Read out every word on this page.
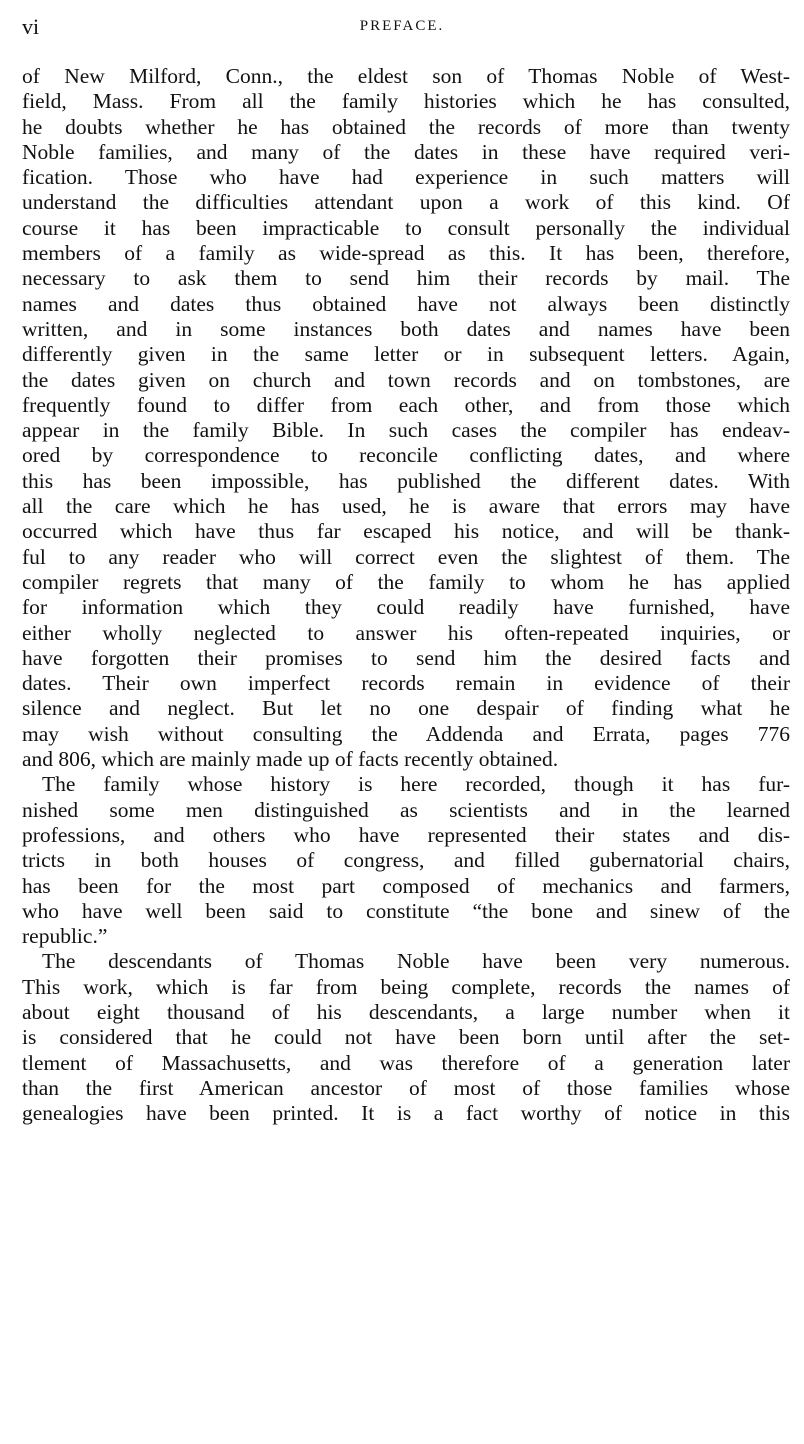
vi	PREFACE.
of New Milford, Conn., the eldest son of Thomas Noble of West-
field, Mass. From all the family histories which he has consulted,
he doubts whether he has obtained the records of more than twenty
Noble families, and many of the dates in these have required veri-
fication. Those who have had experience in such matters will
understand the difficulties attendant upon a work of this kind. Of
course it has been impracticable to consult personally the individual
members of a family as wide-spread as this. It has been, therefore,
necessary to ask them to send him their records by mail. The
names and dates thus obtained have not always been distinctly
written, and in some instances both dates and names have been
differently given in the same letter or in subsequent letters. Again,
the dates given on church and town records and on tombstones, are
frequently found to differ from each other, and from those which
appear in the family Bible. In such cases the compiler has endeav-
ored by correspondence to reconcile conflicting dates, and where
this has been impossible, has published the different dates. With
all the care which he has used, he is aware that errors may have
occurred which have thus far escaped his notice, and will be thank-
ful to any reader who will correct even the slightest of them. The
compiler regrets that many of the family to whom he has applied
for information which they could readily have furnished, have
either wholly neglected to answer his often-repeated inquiries, or
have forgotten their promises to send him the desired facts and
dates. Their own imperfect records remain in evidence of their
silence and neglect. But let no one despair of finding what he
may wish without consulting the Addenda and Errata, pages 776
and 806, which are mainly made up of facts recently obtained.
The family whose history is here recorded, though it has fur-
nished some men distinguished as scientists and in the learned
professions, and others who have represented their states and dis-
tricts in both houses of congress, and filled gubernatorial chairs,
has been for the most part composed of mechanics and farmers,
who have well been said to constitute “the bone and sinew of the
republic.”
The descendants of Thomas Noble have been very numerous.
This work, which is far from being complete, records the names of
about eight thousand of his descendants, a large number when it
is considered that he could not have been born until after the set-
tlement of Massachusetts, and was therefore of a generation later
than the first American ancestor of most of those families whose
genealogies have been printed. It is a fact worthy of notice in this
